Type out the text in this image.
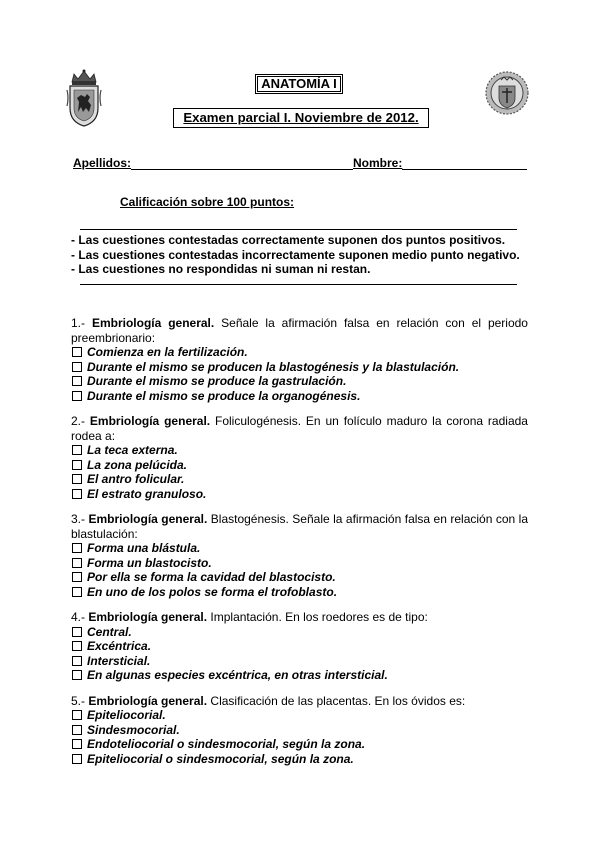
ANATOMÍA I
Examen parcial I. Noviembre de 2012.
Apellidos:	Nombre:
Calificación sobre 100 puntos:
- Las cuestiones contestadas correctamente suponen dos puntos positivos.
- Las cuestiones contestadas incorrectamente suponen medio punto negativo.
- Las cuestiones no respondidas ni suman ni restan.
1.- Embriología general. Señale la afirmación falsa en relación con el periodo preembrionario:
Comienza en la fertilización.
Durante el mismo se producen la blastogénesis y la blastulación.
Durante el mismo se produce la gastrulación.
Durante el mismo se produce la organogénesis.
2.- Embriología general. Foliculogénesis. En un folículo maduro la corona radiada rodea a:
La teca externa.
La zona pelúcida.
El antro folicular.
El estrato granuloso.
3.- Embriología general. Blastogénesis. Señale la afirmación falsa en relación con la blastulación:
Forma una blástula.
Forma un blastocisto.
Por ella se forma la cavidad del blastocisto.
En uno de los polos se forma el trofoblasto.
4.- Embriología general. Implantación. En los roedores es de tipo:
Central.
Excéntrica.
Intersticial.
En algunas especies excéntrica, en otras intersticial.
5.- Embriología general. Clasificación de las placentas. En los óvidos es:
Epiteliocorial.
Sindesmocorial.
Endoteliocorial o sindesmocorial, según la zona.
Epiteliocorial o sindesmocorial, según la zona.
